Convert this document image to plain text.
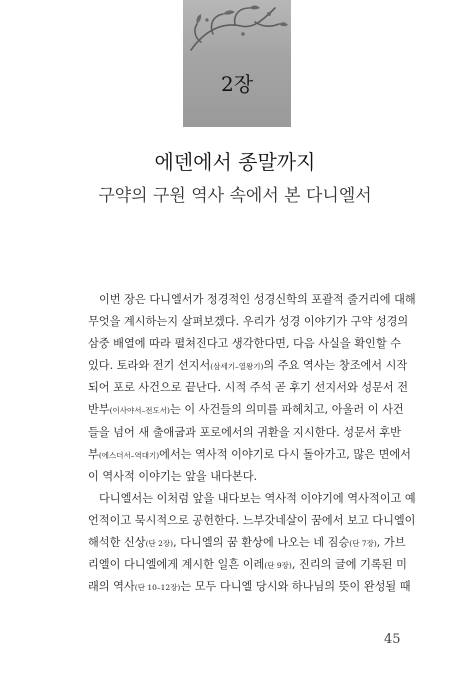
2장
에덴에서 종말까지
구약의 구원 역사 속에서 본 다니엘서
이번 장은 다니엘서가 정경적인 성경신학의 포괄적 줄거리에 대해
무엇을 계시하는지 살펴보겠다. 우리가 성경 이야기가 구약 성경의
삼중 배열에 따라 펼쳐진다고 생각한다면, 다음 사실을 확인할 수
있다. 토라와 전기 선지서(삼세기–열왕기)의 주요 역사는 창조에서 시작
되어 포로 사건으로 끝난다. 시적 주석 곧 후기 선지서와 성문서 전
반부(이사야서–전도서)는 이 사건들의 의미를 파헤치고, 아울러 이 사건
들을 넘어 새 출애굽과 포로에서의 귀환을 지시한다. 성문서 후반
부(에스더서–역대기)에서는 역사적 이야기로 다시 돌아가고, 많은 면에서
이 역사적 이야기는 앞을 내다본다.
다니엘서는 이처럼 앞을 내다보는 역사적 이야기에 역사적이고 예
언적이고 묵시적으로 공헌한다. 느부갓네살이 꿈에서 보고 다니엘이
해석한 신상(단 2장), 다니엘의 꿈 환상에 나오는 네 짐승(단 7장), 가브
리엘이 다니엘에게 계시한 일흔 이레(단 9장), 진리의 글에 기록된 미
래의 역사(단 10–12장)는 모두 다니엘 당시와 하나님의 뜻이 완성될 때
45
